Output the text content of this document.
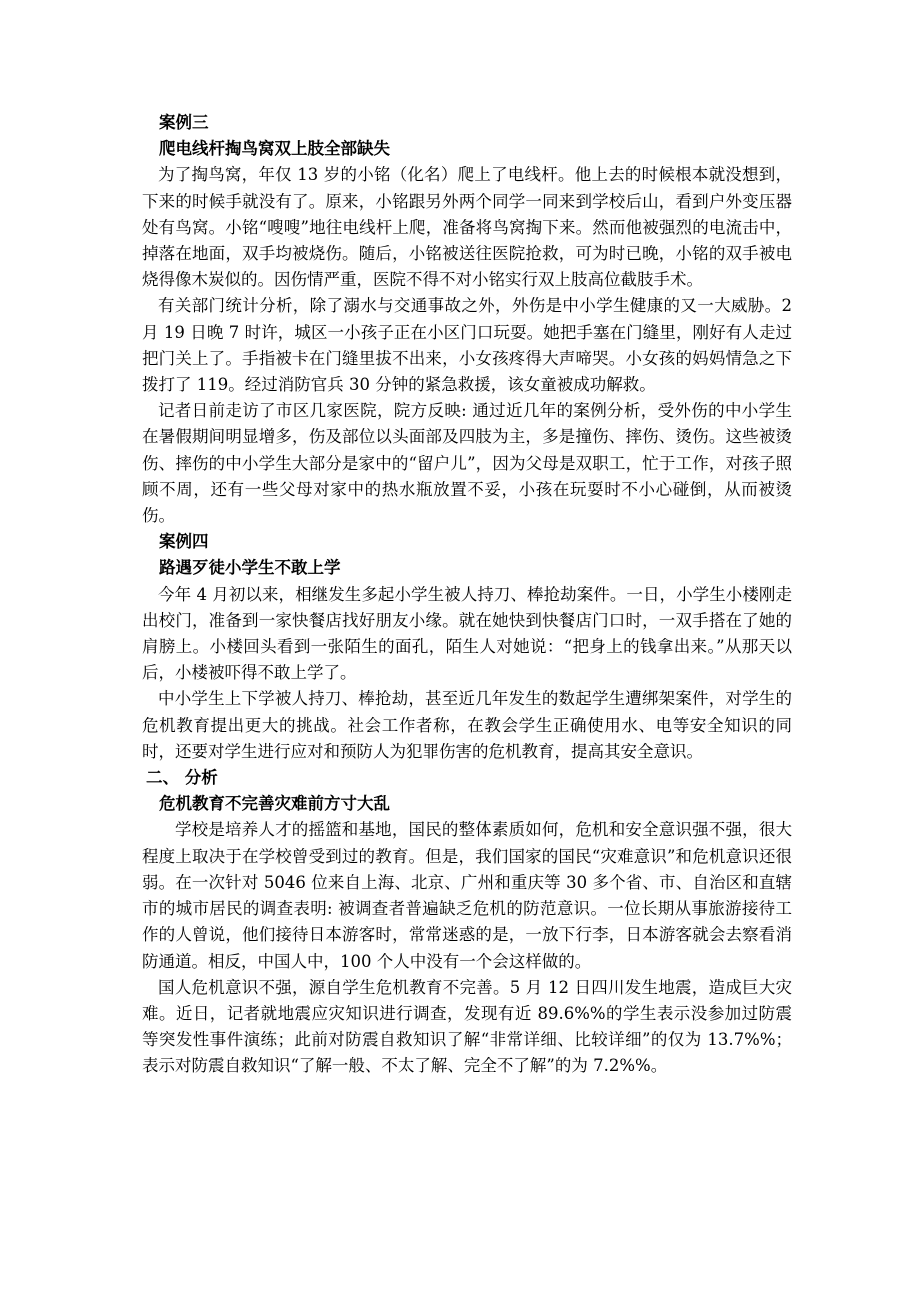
案例三

爬电线杆掏鸟窝双上肢全部缺失

为了掏鸟窝，年仅 13 岁的小铭（化名）爬上了电线杆。他上去的时候根本就没想到，下来的时候手就没有了。原来，小铭跟另外两个同学一同来到学校后山，看到户外变压器处有鸟窝。小铭“嗖嗖”地往电线杆上爬，准备将鸟窝掏下来。然而他被强烈的电流击中，掉落在地面，双手均被烧伤。随后，小铭被送往医院抢救，可为时已晚，小铭的双手被电烧得像木炭似的。因伤情严重，医院不得不对小铭实行双上肢高位截肢手术。

有关部门统计分析，除了溺水与交通事故之外，外伤是中小学生健康的又一大威胁。2 月 19 日晚 7 时许，城区一小孩子正在小区门口玩耍。她把手塞在门缝里，刚好有人走过把门关上了。手指被卡在门缝里拔不出来，小女孩疼得大声啼哭。小女孩的妈妈情急之下拨打了 119。经过消防官兵 30 分钟的紧急救援，该女童被成功解救。

记者日前走访了市区几家医院，院方反映: 通过近几年的案例分析，受外伤的中小学生在暑假期间明显增多，伤及部位以头面部及四肢为主，多是撞伤、摔伤、烫伤。这些被烫伤、摔伤的中小学生大部分是家中的“留户儿”，因为父母是双职工，忙于工作，对孩子照顾不周，还有一些父母对家中的热水瓶放置不妥，小孩在玩耍时不小心碰倒，从而被烫伤。

案例四

路遇歹徒小学生不敢上学

今年 4 月初以来，相继发生多起小学生被人持刀、棒抢劫案件。一日，小学生小楼刚走出校门，准备到一家快餐店找好朋友小缘。就在她快到快餐店门口时，一双手搭在了她的肩膀上。小楼回头看到一张陌生的面孔，陌生人对她说：“把身上的钱拿出来。”从那天以后，小楼被吓得不敢上学了。

中小学生上下学被人持刀、棒抢劫，甚至近几年发生的数起学生遭绑架案件，对学生的危机教育提出更大的挑战。社会工作者称，在教会学生正确使用水、电等安全知识的同时，还要对学生进行应对和预防人为犯罪伤害的危机教育，提高其安全意识。

二、 分析

危机教育不完善灾难前方寸大乱

学校是培养人才的摇篮和基地，国民的整体素质如何，危机和安全意识强不强，很大程度上取决于在学校曾受到过的教育。但是，我们国家的国民“灾难意识”和危机意识还很弱。在一次针对 5046 位来自上海、北京、广州和重庆等 30 多个省、市、自治区和直辖市的城市居民的调查表明: 被调查者普遍缺乏危机的防范意识。一位长期从事旅游接待工作的人曾说，他们接待日本游客时，常常迷惑的是，一放下行李，日本游客就会去察看消防通道。相反，中国人中，100 个人中没有一个会这样做的。

国人危机意识不强，源自学生危机教育不完善。5 月 12 日四川发生地震，造成巨大灾难。近日，记者就地震应灾知识进行调查，发现有近 89.6%%的学生表示没参加过防震等突发性事件演练；此前对防震自救知识了解“非常详细、比较详细”的仅为 13.7%%；表示对防震自救知识“了解一般、不太了解、完全不了解”的为 7.2%%。
